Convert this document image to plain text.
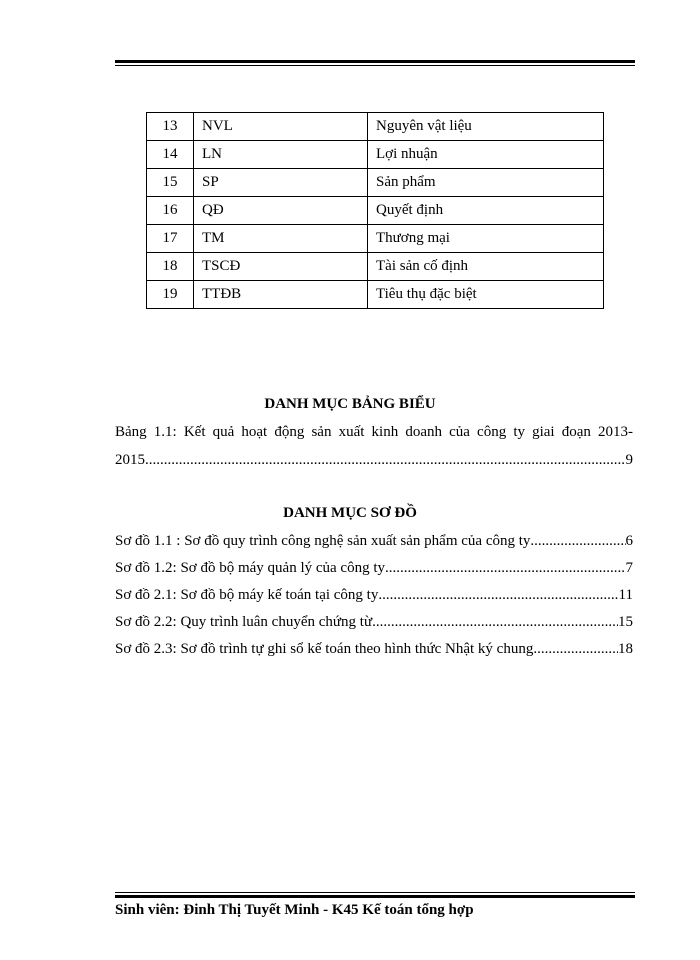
13	NVL	Nguyên vật liệu
14	LN	Lợi nhuận
15	SP	Sản phẩm
16	QĐ	Quyết định
17	TM	Thương mại
18	TSCĐ	Tài sản cố định
19	TTĐB	Tiêu thụ đặc biệt
DANH MỤC BẢNG BIỂU
Bảng 1.1: Kết quả hoạt động sản xuất kinh doanh của công ty giai đoạn 2013-
2015 .....	9
DANH MỤC SƠ ĐỒ
Sơ đồ 1.1 : Sơ đồ quy trình công nghệ sản xuất sản phẩm của công ty .....	6
Sơ đồ 1.2: Sơ đồ bộ máy quản lý của công ty .....	7
Sơ đồ 2.1: Sơ đồ bộ máy kế toán tại công ty .....	11
Sơ đồ 2.2: Quy trình luân chuyển chứng từ .....	15
Sơ đồ 2.3: Sơ đồ trình tự ghi sổ kế toán theo hình thức Nhật ký chung .....	18
Sinh viên: Đinh Thị Tuyết Minh - K45 Kế toán tổng hợp
